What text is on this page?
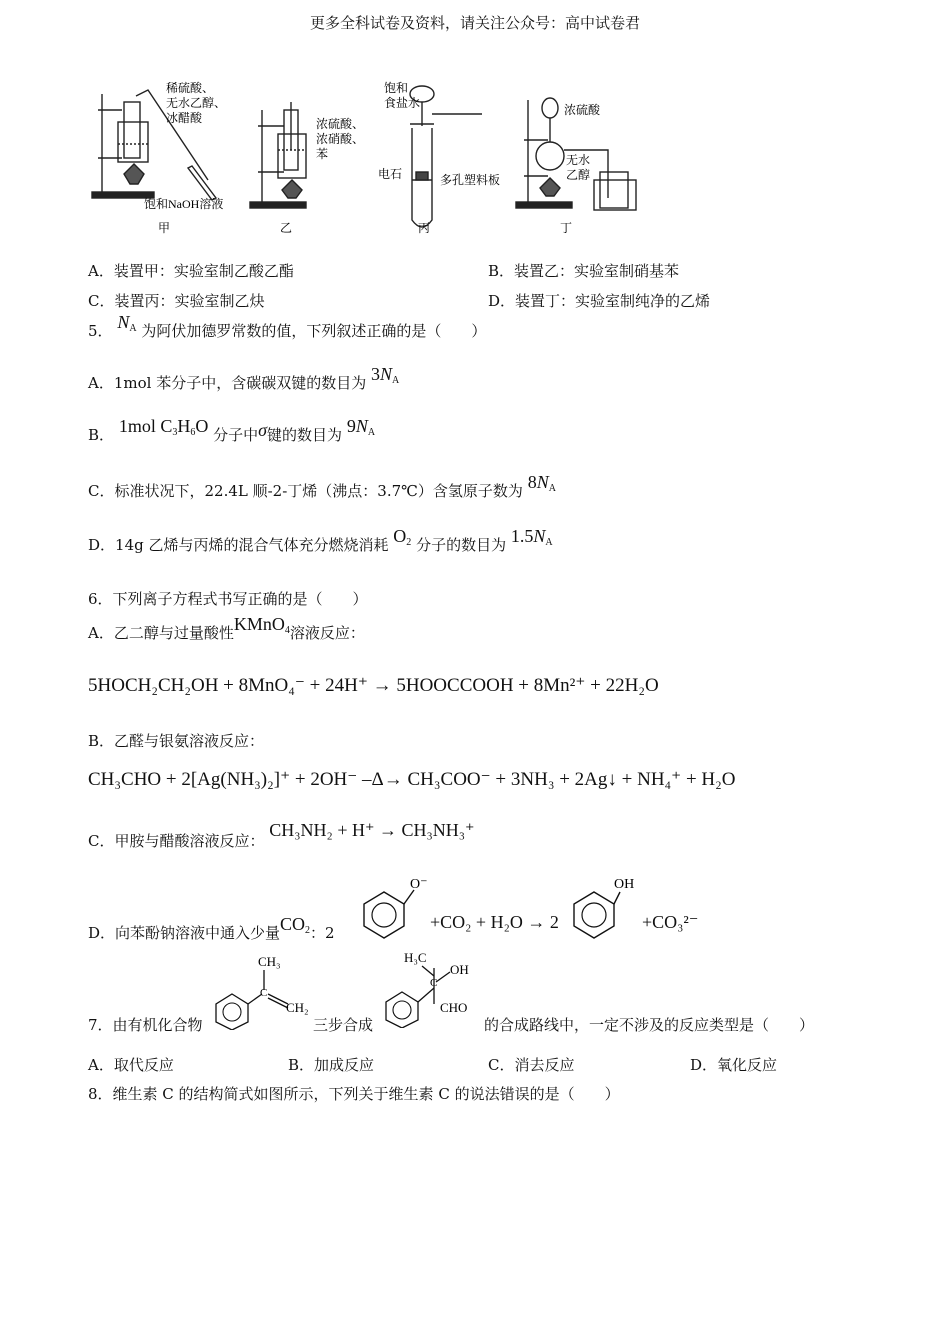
更多全科试卷及资料，请关注公众号：高中试卷君
稀硫酸、
无水乙醇、
冰醋酸
饱和NaOH溶液
甲
浓硫酸、
浓硝酸、
苯
乙
饱和
食盐水
电石	多孔塑料板
丙
浓硫酸
无水
乙醇
丁
A．装置甲：实验室制乙酸乙酯	B．装置乙：实验室制硝基苯
C．装置丙：实验室制乙炔	D．装置丁：实验室制纯净的乙烯
5． $N_A$ 为阿伏加德罗常数的值，下列叙述正确的是（　　）
A．1mol 苯分子中，含碳碳双键的数目为 $3N_A$
B． 1mol $C_3H_6O$ 分子中σ键的数目为 $9N_A$
C．标准状况下，22.4L 顺-2-丁烯（沸点：3.7℃）含氢原子数为 $8N_A$
D．14g 乙烯与丙烯的混合气体充分燃烧消耗 $O_2$ 分子的数目为 $1.5N_A$
6．下列离子方程式书写正确的是（　　）
A．乙二醇与过量酸性KMnO$_4$溶液反应：
5HOCH₂CH₂OH + 8MnO₄⁻ + 24H⁺ → 5HOOCCOOH + 8Mn²⁺ + 22H₂O
B．乙醛与银氨溶液反应：
CH₃CHO + 2[Ag(NH₃)₂]⁺ + 2OH⁻ –Δ→ CH₃COO⁻ + 3NH₃ + 2Ag↓ + NH₄⁺ + H₂O
C．甲胺与醋酸溶液反应： CH₃NH₂ + H⁺ → CH₃NH₃⁺
D．向苯酚钠溶液中通入少量$CO_2$：2
O⁻
+CO₂ + H₂O → 2
OH
+CO₃²⁻
7．由有机化合物
CH₃
C
CH₂
三步合成
H₃C
C
OH
CHO
的合成路线中，一定不涉及的反应类型是（　　）
A．取代反应	B．加成反应	C．消去反应	D．氧化反应
8．维生素 C 的结构简式如图所示，下列关于维生素 C 的说法错误的是（　　）
